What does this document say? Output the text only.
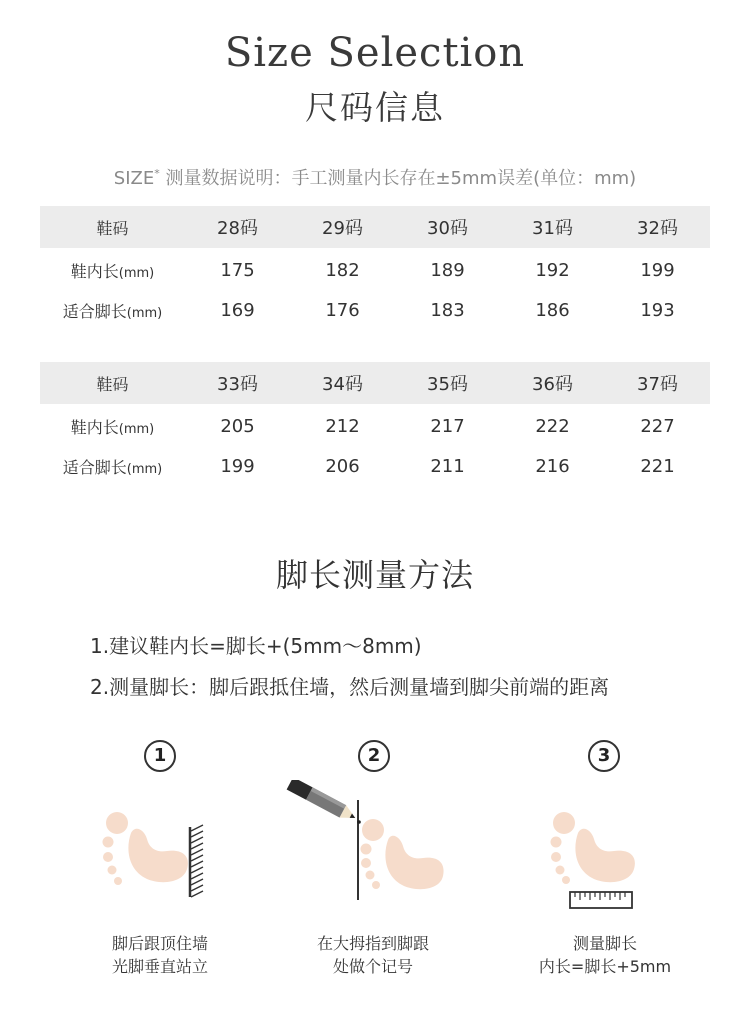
Size Selection
尺码信息
SIZE* 测量数据说明：手工测量内长存在±5mm误差(单位：mm)
鞋码	28码	29码	30码	31码	32码
鞋内长(mm)	175	182	189	192	199
适合脚长(mm)	169	176	183	186	193
鞋码	33码	34码	35码	36码	37码
鞋内长(mm)	205	212	217	222	227
适合脚长(mm)	199	206	211	216	221
脚长测量方法
1.建议鞋内长=脚长+(5mm～8mm)
2.测量脚长：脚后跟抵住墙，然后测量墙到脚尖前端的距离
1	2	3
脚后跟顶住墙
光脚垂直站立
在大拇指到脚跟
处做个记号
测量脚长
内长=脚长+5mm
